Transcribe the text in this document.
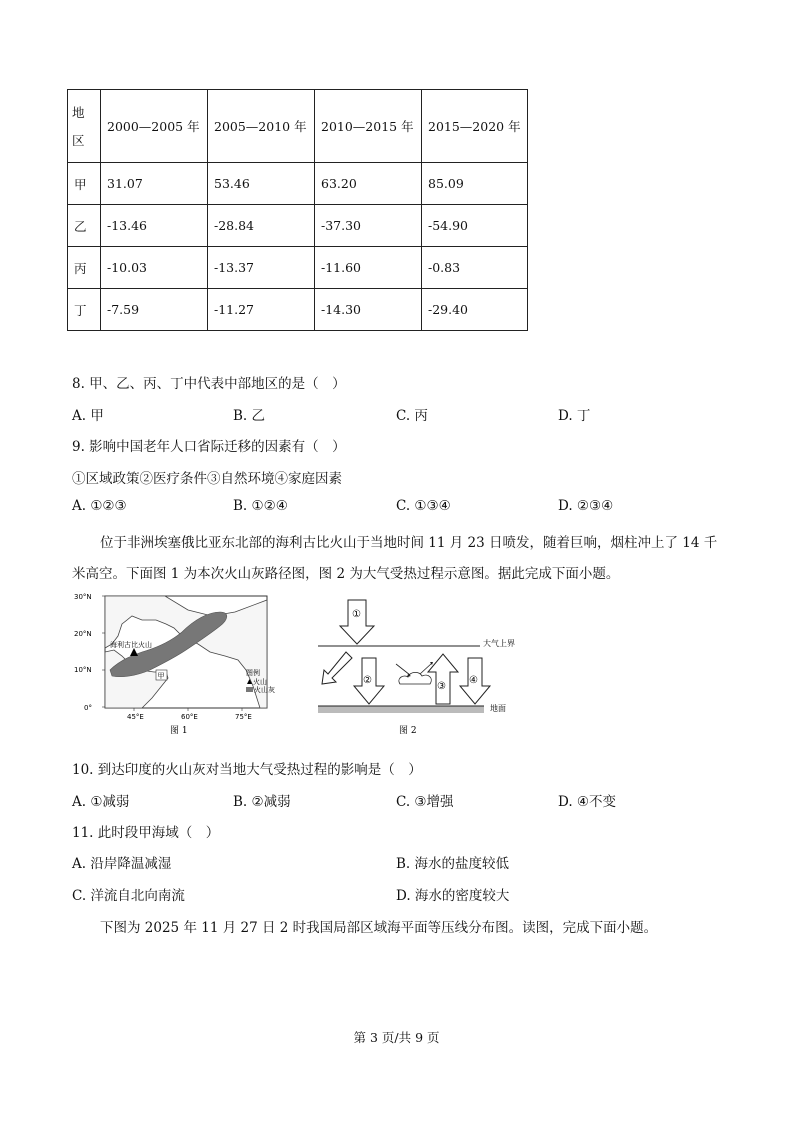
地
区	2000—2005 年	2005—2010 年	2010—2015 年	2015—2020 年
甲	31.07	53.46	63.20	85.09
乙	-13.46	-28.84	-37.30	-54.90
丙	-10.03	-13.37	-11.60	-0.83
丁	-7.59	-11.27	-14.30	-29.40
8. 甲、乙、丙、丁中代表中部地区的是（　）
A. 甲	B. 乙	C. 丙	D. 丁
9. 影响中国老年人口省际迁移的因素有（　）
①区域政策②医疗条件③自然环境④家庭因素
A. ①②③	B. ①②④	C. ①③④	D. ②③④
位于非洲埃塞俄比亚东北部的海利古比火山于当地时间 11 月 23 日喷发，随着巨响，烟柱冲上了 14 千
米高空。下面图 1 为本次火山灰路径图，图 2 为大气受热过程示意图。据此完成下面小题。
海利古比火山
甲	图例
火山
火山灰
30°N
20°N
10°N
0°
45°E	60°E	75°E
图 1
大气上界
地面
①
②
③
④
图 2
10. 到达印度的火山灰对当地大气受热过程的影响是（　）
A. ①减弱	B. ②减弱	C. ③增强	D. ④不变
11. 此时段甲海域（　）
A. 沿岸降温减湿	B. 海水的盐度较低
C. 洋流自北向南流	D. 海水的密度较大
下图为 2025 年 11 月 27 日 2 时我国局部区域海平面等压线分布图。读图，完成下面小题。
第 3 页/共 9 页
